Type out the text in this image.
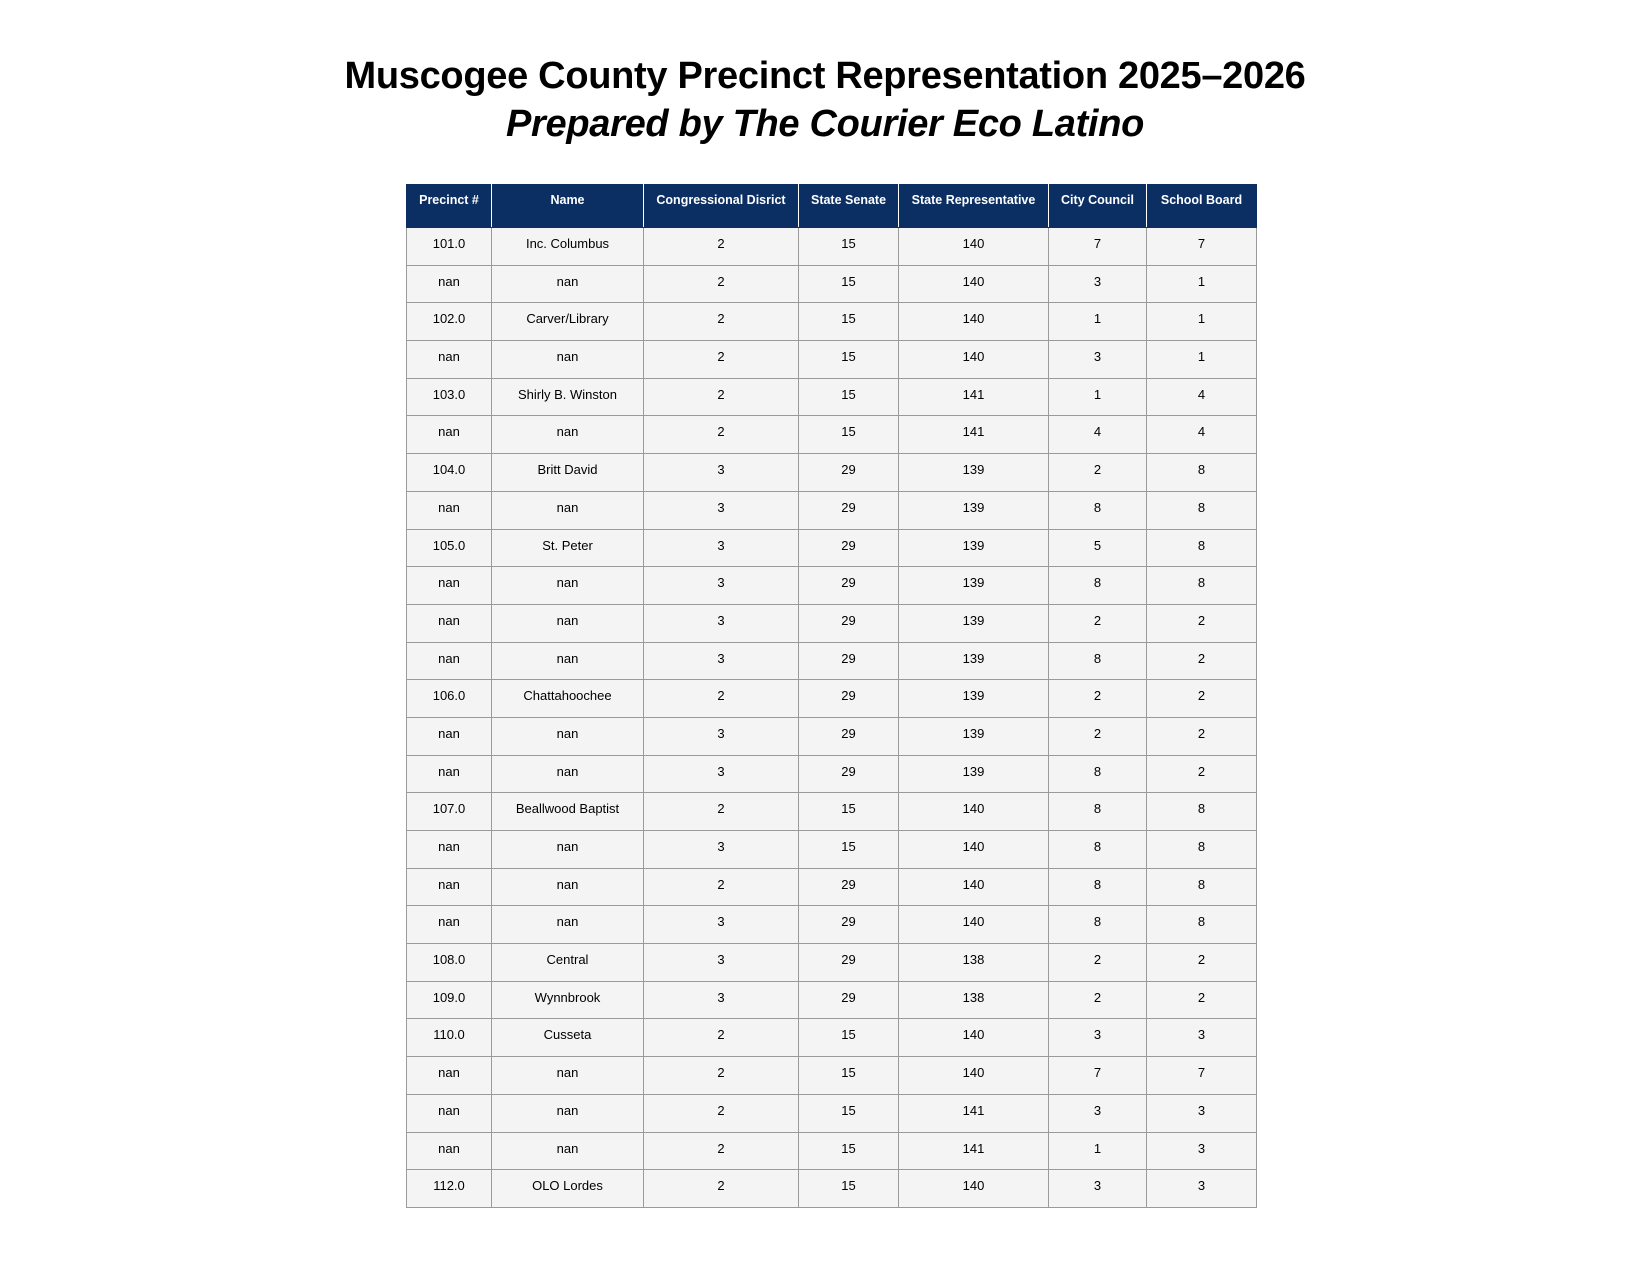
Muscogee County Precinct Representation 2025–2026

Prepared by The Courier Eco Latino

Precinct #	Name	Congressional Disrict	State Senate	State Representative	City Council	School Board
101.0	Inc. Columbus	2	15	140	7	7
nan	nan	2	15	140	3	1
102.0	Carver/Library	2	15	140	1	1
nan	nan	2	15	140	3	1
103.0	Shirly B. Winston	2	15	141	1	4
nan	nan	2	15	141	4	4
104.0	Britt David	3	29	139	2	8
nan	nan	3	29	139	8	8
105.0	St. Peter	3	29	139	5	8
nan	nan	3	29	139	8	8
nan	nan	3	29	139	2	2
nan	nan	3	29	139	8	2
106.0	Chattahoochee	2	29	139	2	2
nan	nan	3	29	139	2	2
nan	nan	3	29	139	8	2
107.0	Beallwood Baptist	2	15	140	8	8
nan	nan	3	15	140	8	8
nan	nan	2	29	140	8	8
nan	nan	3	29	140	8	8
108.0	Central	3	29	138	2	2
109.0	Wynnbrook	3	29	138	2	2
110.0	Cusseta	2	15	140	3	3
nan	nan	2	15	140	7	7
nan	nan	2	15	141	3	3
nan	nan	2	15	141	1	3
112.0	OLO Lordes	2	15	140	3	3
